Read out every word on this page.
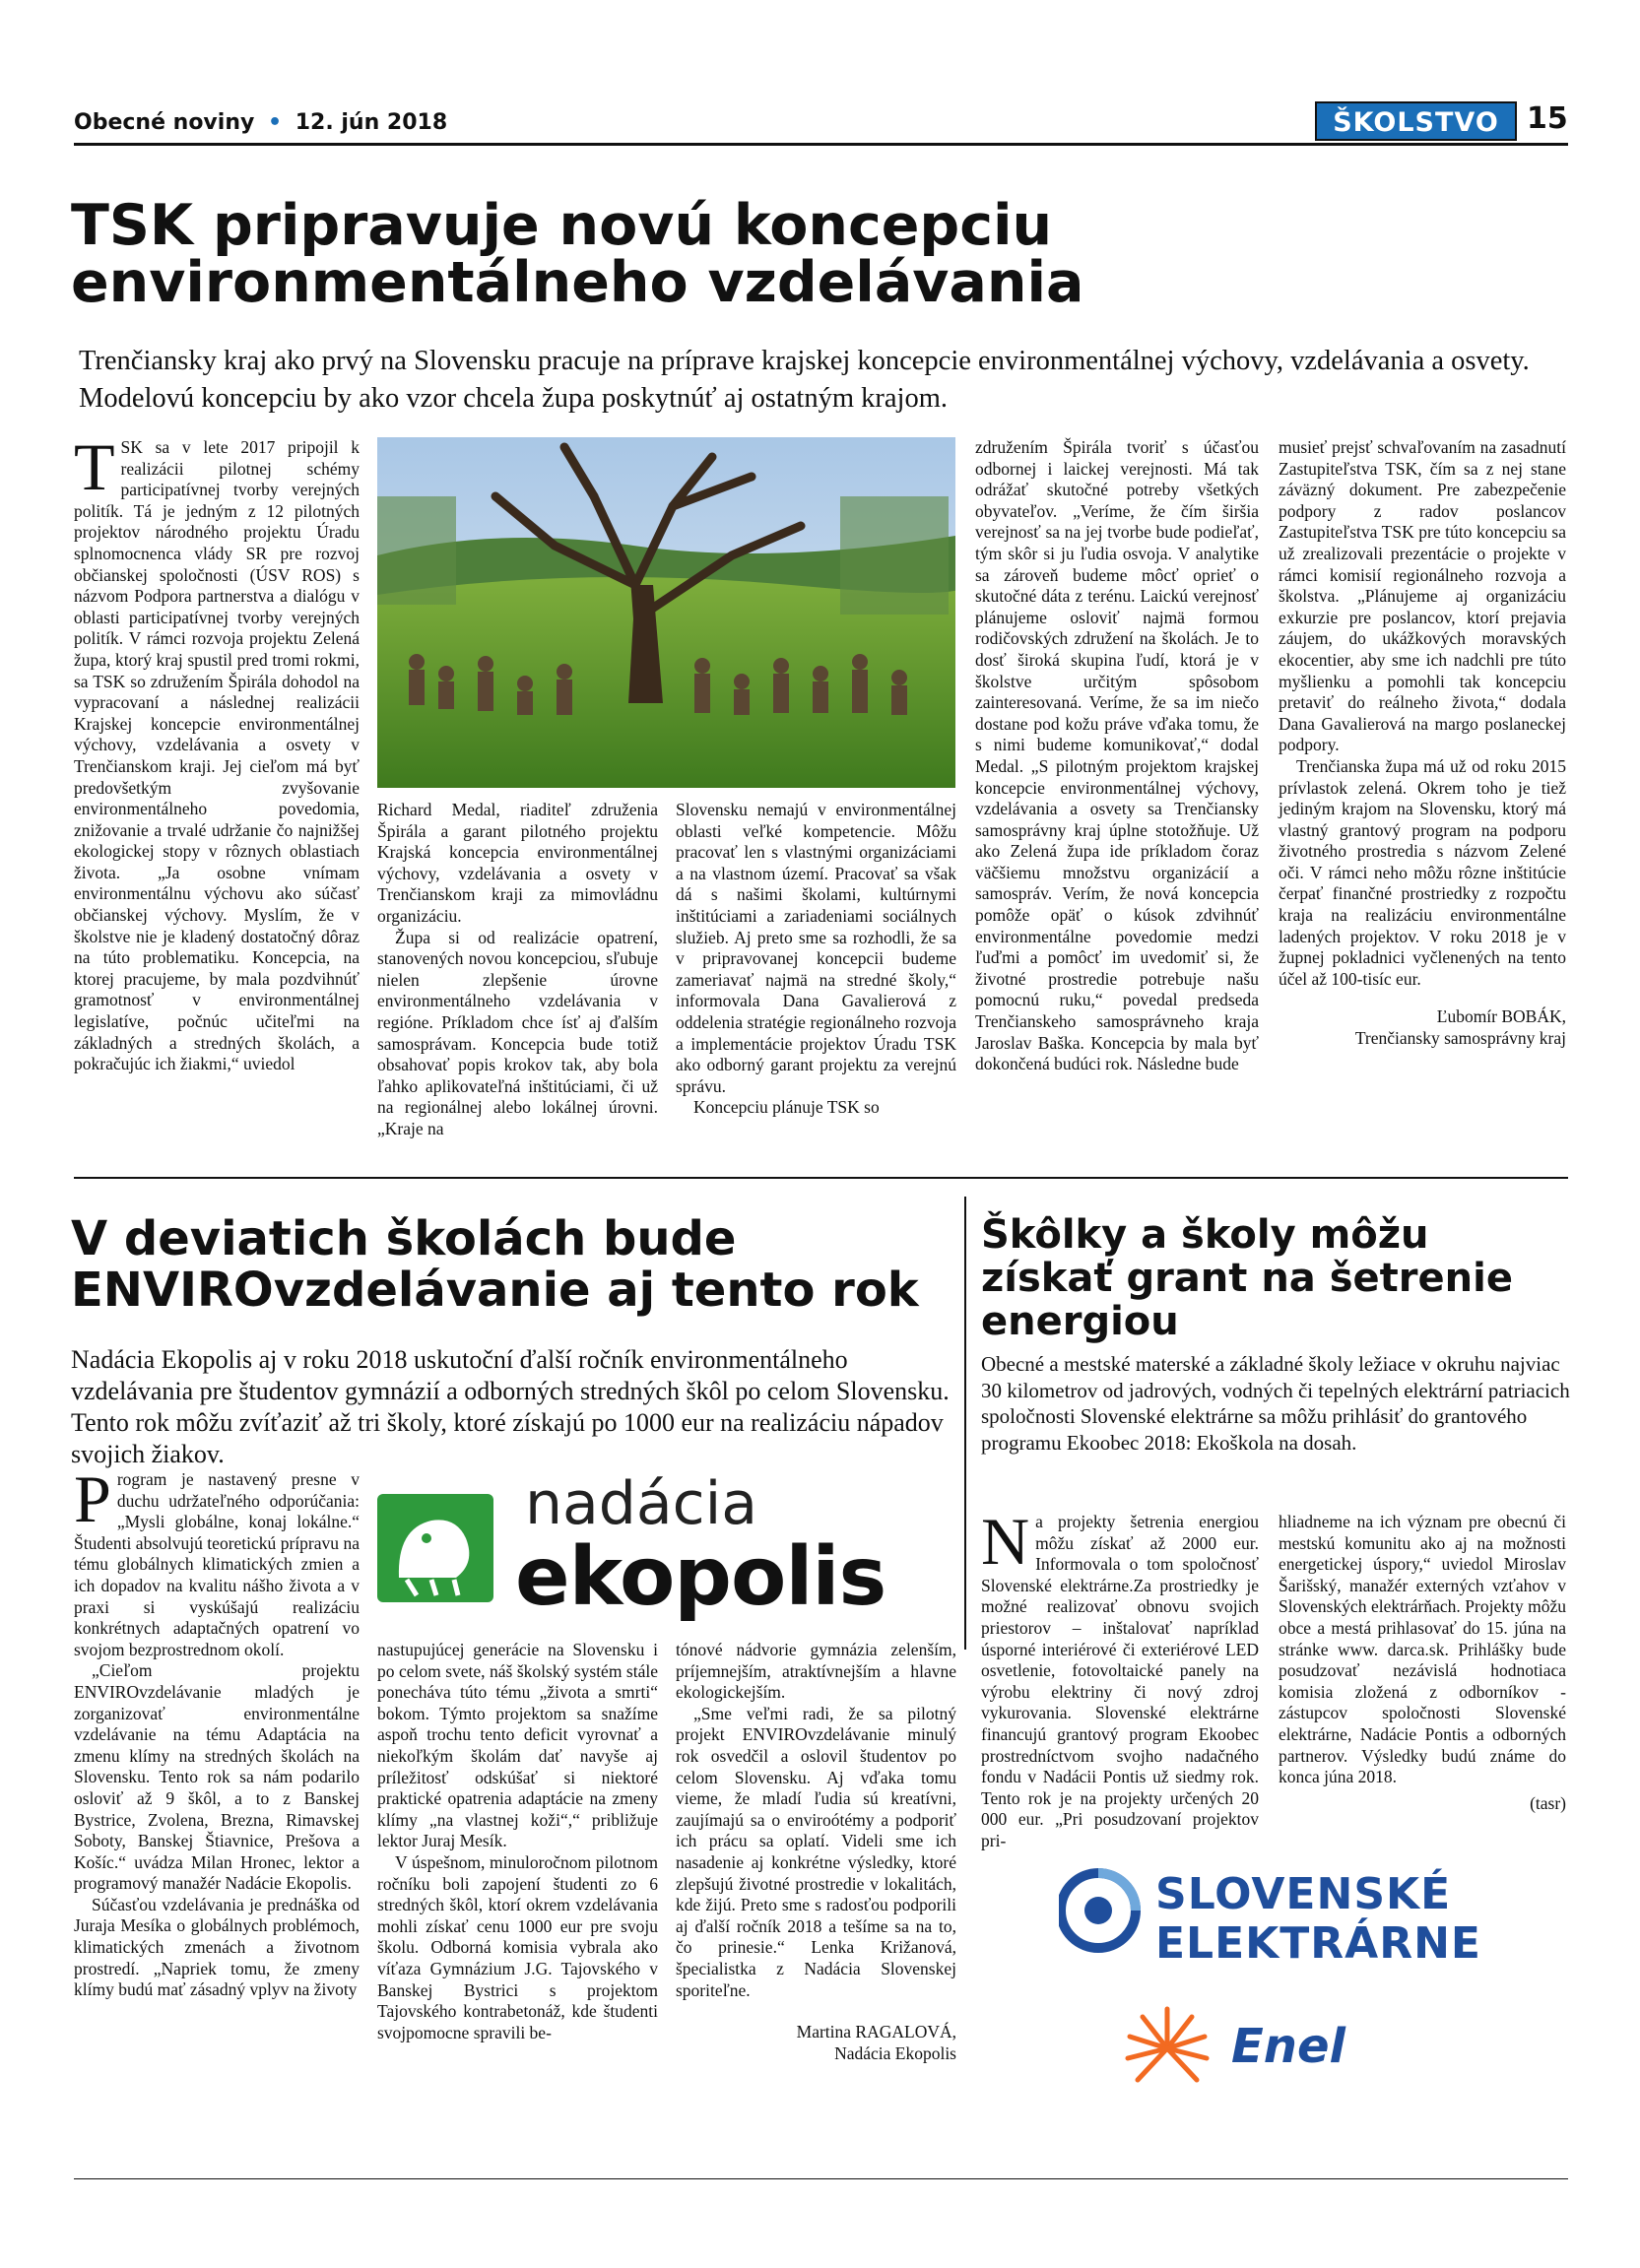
Obecné noviny • 12. jún 2018	ŠKOLSTVO 15
TSK pripravuje novú koncepciu
environmentálneho vzdelávania
Trenčiansky kraj ako prvý na Slovensku pracuje na príprave krajskej koncepcie environmentálnej výchovy, vzdelávania a osvety. Modelovú koncepciu by ako vzor chcela župa poskytnúť aj ostatným krajom.
T SK sa v lete 2017 pripojil k realizácii pilotnej schémy participatívnej tvorby verejných politík. Tá je jedným z 12 pilotných projektov národného projektu Úradu splnomocnenca vlády SR pre rozvoj občianskej spoločnosti (ÚSV ROS) s názvom Podpora partnerstva a dialógu v oblasti participatívnej tvorby verejných politík. V rámci rozvoja projektu Zelená župa, ktorý kraj spustil pred tromi rokmi, sa TSK so združením Špirála dohodol na vypracovaní a následnej realizácii Krajskej koncepcie environmentálnej výchovy, vzdelávania a osvety v Trenčianskom kraji. Jej cieľom má byť predovšetkým zvyšovanie environmentálneho povedomia, znižovanie a trvalé udržanie čo najnižšej ekologickej stopy v rôznych oblastiach života. „Ja osobne vnímam environmentálnu výchovu ako súčasť občianskej výchovy. Myslím, že v školstve nie je kladený dostatočný dôraz na túto problematiku. Koncepcia, na ktorej pracujeme, by mala pozdvihnúť gramotnosť v environmentálnej legislatíve, počnúc učiteľmi na základných a stredných školách, a pokračujúc ich žiakmi,“ uviedol

Richard Medal, riaditeľ združenia Špirála a garant pilotného projektu Krajská koncepcia environmentálnej výchovy, vzdelávania a osvety v Trenčianskom kraji za mimovládnu organizáciu.

Župa si od realizácie opatrení, stanovených novou koncepciou, sľubuje nielen zlepšenie úrovne environmentálneho vzdelávania v regióne. Príkladom chce ísť aj ďalším samosprávam. Koncepcia bude totiž obsahovať popis krokov tak, aby bola ľahko aplikovateľná inštitúciami, či už na regionálnej alebo lokálnej úrovni. „Kraje na

Slovensku nemajú v environmentálnej oblasti veľké kompetencie. Môžu pracovať len s vlastnými organizáciami a na vlastnom území. Pracovať sa však dá s našimi školami, kultúrnymi inštitúciami a zariadeniami sociálnych služieb. Aj preto sme sa rozhodli, že sa v pripravovanej koncepcii budeme zameriavať najmä na stredné školy,“ informovala Dana Gavalierová z oddelenia stratégie regionálneho rozvoja a implementácie projektov Úradu TSK ako odborný garant projektu za verejnú správu.

Koncepciu plánuje TSK so

združením Špirála tvoriť s účasťou odbornej i laickej verejnosti. Má tak odrážať skutočné potreby všetkých obyvateľov. „Veríme, že čím širšia verejnosť sa na jej tvorbe bude podieľať, tým skôr si ju ľudia osvoja. V analytike sa zároveň budeme môcť oprieť o skutočné dáta z terénu. Laickú verejnosť plánujeme osloviť najmä formou rodičovských združení na školách. Je to dosť široká skupina ľudí, ktorá je v školstve určitým spôsobom zainteresovaná. Veríme, že sa im niečo dostane pod kožu práve vďaka tomu, že s nimi budeme komunikovať,“ dodal Medal. „S pilotným projektom krajskej koncepcie environmentálnej výchovy, vzdelávania a osvety sa Trenčiansky samosprávny kraj úplne stotožňuje. Už ako Zelená župa ide príkladom čoraz väčšiemu množstvu organizácií a samospráv. Verím, že nová koncepcia pomôže opäť o kúsok zdvihnúť environmentálne povedomie medzi ľuďmi a pomôcť im uvedomiť si, že životné prostredie potrebuje našu pomocnú ruku,“ povedal predseda Trenčianskeho samosprávneho kraja Jaroslav Baška. Koncepcia by mala byť dokončená budúci rok. Následne bude

musieť prejsť schvaľovaním na zasadnutí Zastupiteľstva TSK, čím sa z nej stane záväzný dokument. Pre zabezpečenie podpory z radov poslancov Zastupiteľstva TSK pre túto koncepciu sa už zrealizovali prezentácie o projekte v rámci komisií regionálneho rozvoja a školstva. „Plánujeme aj organizáciu exkurzie pre poslancov, ktorí prejavia záujem, do ukážkových moravských ekocentier, aby sme ich nadchli pre túto myšlienku a pomohli tak koncepciu pretaviť do reálneho života,“ dodala Dana Gavalierová na margo poslaneckej podpory.

Trenčianska župa má už od roku 2015 prívlastok zelená. Okrem toho je tiež jediným krajom na Slovensku, ktorý má vlastný grantový program na podporu životného prostredia s názvom Zelené oči. V rámci neho môžu rôzne inštitúcie čerpať finančné prostriedky z rozpočtu kraja na realizáciu environmentálne ladených projektov. V roku 2018 je v župnej pokladnici vyčlenených na tento účel až 100-tisíc eur.

Ľubomír BOBÁK,
Trenčiansky samosprávny kraj
V deviatich školách bude
ENVIROvzdelávanie aj tento rok
Nadácia Ekopolis aj v roku 2018 uskutoční ďalší ročník environmentálneho vzdelávania pre študentov gymnázií a odborných stredných škôl po celom Slovensku. Tento rok môžu zvíťaziť až tri školy, ktoré získajú po 1000 eur na realizáciu nápadov svojich žiakov.
P rogram je nastavený presne v duchu udržateľného odporúčania: „Mysli globálne, konaj lokálne.“ Študenti absolvujú teoretickú prípravu na tému globálnych klimatických zmien a ich dopadov na kvalitu nášho života a v praxi si vyskúšajú realizáciu konkrétnych adaptačných opatrení vo svojom bezprostrednom okolí.

„Cieľom projektu ENVIROvzdelávanie mladých je zorganizovať environmentálne vzdelávanie na tému Adaptácia na zmenu klímy na stredných školách na Slovensku. Tento rok sa nám podarilo osloviť až 9 škôl, a to z Banskej Bystrice, Zvolena, Brezna, Rimavskej Soboty, Banskej Štiavnice, Prešova a Košíc.“ uvádza Milan Hronec, lektor a programový manažér Nadácie Ekopolis.

Súčasťou vzdelávania je prednáška od Juraja Mesíka o globálnych problémoch, klimatických zmenách a životnom prostredí. „Napriek tomu, že zmeny klímy budú mať zásadný vplyv na životy

nadácia
ekopolis

nastupujúcej generácie na Slovensku i po celom svete, náš školský systém stále ponecháva túto tému „života a smrti“ bokom. Týmto projektom sa snažíme aspoň trochu tento deficit vyrovnať a niekoľkým školám dať navyše aj príležitosť odskúšať si niektoré praktické opatrenia adaptácie na zmeny klímy „na vlastnej koži“,“ približuje lektor Juraj Mesík.

V úspešnom, minuloročnom pilotnom ročníku boli zapojení študenti zo 6 stredných škôl, ktorí okrem vzdelávania mohli získať cenu 1000 eur pre svoju školu. Odborná komisia vybrala ako víťaza Gymnázium J.G. Tajovského v Banskej Bystrici s projektom Tajovského kontrabetonáž, kde študenti svojpomocne spravili be-

tónové nádvorie gymnázia zelenším, príjemnejším, atraktívnejším a hlavne ekologickejším.

„Sme veľmi radi, že sa pilotný projekt ENVIROvzdelávanie minulý rok osvedčil a oslovil študentov po celom Slovensku. Aj vďaka tomu vieme, že mladí ľudia sú kreatívni, zaujímajú sa o enviroótémy a podporiť ich prácu sa oplatí. Videli sme ich nasadenie aj konkrétne výsledky, ktoré zlepšujú životné prostredie v lokalitách, kde žijú. Preto sme s radosťou podporili aj ďalší ročník 2018 a tešíme sa na to, čo prinesie.“ Lenka Križanová, špecialistka z Nadácia Slovenskej sporiteľne.

Martina RAGALOVÁ,
Nadácia Ekopolis
Škôlky a školy môžu
získať grant na šetrenie
energiou
Obecné a mestské materské a základné školy ležiace v okruhu najviac 30 kilometrov od jadrových, vodných či tepelných elektrární patriacich spoločnosti Slovenské elektrárne sa môžu prihlásiť do grantového programu Ekoobec 2018: Ekoškola na dosah.
N a projekty šetrenia energiou môžu získať až 2000 eur. Informovala o tom spoločnosť Slovenské elektrárne.Za prostriedky je možné realizovať obnovu svojich priestorov – inštalovať napríklad úsporné interiérové či exteriérové LED osvetlenie, fotovoltaické panely na výrobu elektriny či nový zdroj vykurovania. Slovenské elektrárne financujú grantový program Ekoobec prostredníctvom svojho nadačného fondu v Nadácii Pontis už siedmy rok. Tento rok je na projekty určených 20 000 eur. „Pri posudzovaní projektov pri-

hliadneme na ich význam pre obecnú či mestskú komunitu ako aj na možnosti energetickej úspory,“ uviedol Miroslav Šarišský, manažér externých vzťahov v Slovenských elektrárňach. Projekty môžu obce a mestá prihlasovať do 15. júna na stránke www. darca.sk. Prihlášky bude posudzovať nezávislá hodnotiaca komisia zložená z odborníkov - zástupcov spoločnosti Slovenské elektrárne, Nadácie Pontis a odborných partnerov. Výsledky budú známe do konca júna 2018.

(tasr)
SLOVENSKÉ
ELEKTRÁRNE
Enel
